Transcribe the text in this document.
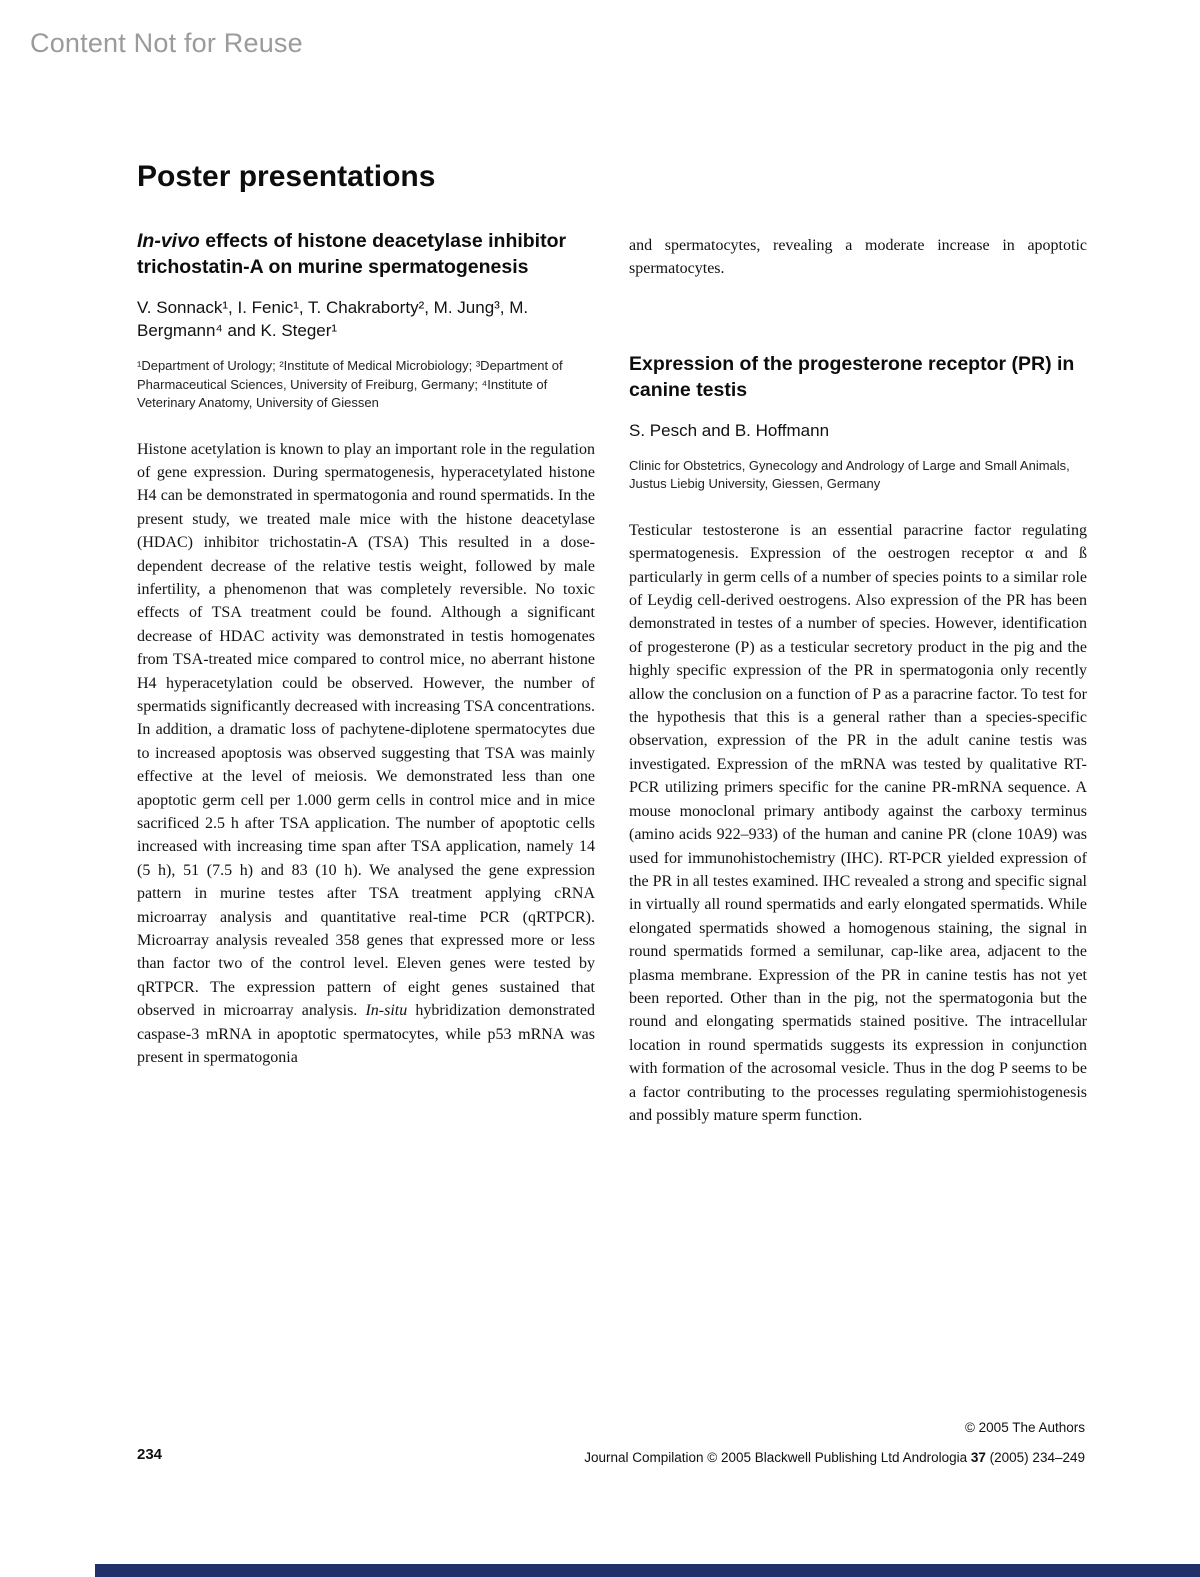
Content Not for Reuse
Poster presentations
In-vivo effects of histone deacetylase inhibitor trichostatin-A on murine spermatogenesis
V. Sonnack¹, I. Fenic¹, T. Chakraborty², M. Jung³, M. Bergmann⁴ and K. Steger¹
¹Department of Urology; ²Institute of Medical Microbiology; ³Department of Pharmaceutical Sciences, University of Freiburg, Germany; ⁴Institute of Veterinary Anatomy, University of Giessen
Histone acetylation is known to play an important role in the regulation of gene expression. During spermatogenesis, hyperacetylated histone H4 can be demonstrated in spermatogonia and round spermatids. In the present study, we treated male mice with the histone deacetylase (HDAC) inhibitor trichostatin-A (TSA) This resulted in a dose-dependent decrease of the relative testis weight, followed by male infertility, a phenomenon that was completely reversible. No toxic effects of TSA treatment could be found. Although a significant decrease of HDAC activity was demonstrated in testis homogenates from TSA-treated mice compared to control mice, no aberrant histone H4 hyperacetylation could be observed. However, the number of spermatids significantly decreased with increasing TSA concentrations. In addition, a dramatic loss of pachytene-diplotene spermatocytes due to increased apoptosis was observed suggesting that TSA was mainly effective at the level of meiosis. We demonstrated less than one apoptotic germ cell per 1.000 germ cells in control mice and in mice sacrificed 2.5 h after TSA application. The number of apoptotic cells increased with increasing time span after TSA application, namely 14 (5 h), 51 (7.5 h) and 83 (10 h). We analysed the gene expression pattern in murine testes after TSA treatment applying cRNA microarray analysis and quantitative real-time PCR (qRTPCR). Microarray analysis revealed 358 genes that expressed more or less than factor two of the control level. Eleven genes were tested by qRTPCR. The expression pattern of eight genes sustained that observed in microarray analysis. In-situ hybridization demonstrated caspase-3 mRNA in apoptotic spermatocytes, while p53 mRNA was present in spermatogonia
and spermatocytes, revealing a moderate increase in apoptotic spermatocytes.
Expression of the progesterone receptor (PR) in canine testis
S. Pesch and B. Hoffmann
Clinic for Obstetrics, Gynecology and Andrology of Large and Small Animals, Justus Liebig University, Giessen, Germany
Testicular testosterone is an essential paracrine factor regulating spermatogenesis. Expression of the oestrogen receptor α and ß particularly in germ cells of a number of species points to a similar role of Leydig cell-derived oestrogens. Also expression of the PR has been demonstrated in testes of a number of species. However, identification of progesterone (P) as a testicular secretory product in the pig and the highly specific expression of the PR in spermatogonia only recently allow the conclusion on a function of P as a paracrine factor. To test for the hypothesis that this is a general rather than a species-specific observation, expression of the PR in the adult canine testis was investigated. Expression of the mRNA was tested by qualitative RT-PCR utilizing primers specific for the canine PR-mRNA sequence. A mouse monoclonal primary antibody against the carboxy terminus (amino acids 922–933) of the human and canine PR (clone 10A9) was used for immunohistochemistry (IHC). RT-PCR yielded expression of the PR in all testes examined. IHC revealed a strong and specific signal in virtually all round spermatids and early elongated spermatids. While elongated spermatids showed a homogenous staining, the signal in round spermatids formed a semilunar, cap-like area, adjacent to the plasma membrane. Expression of the PR in canine testis has not yet been reported. Other than in the pig, not the spermatogonia but the round and elongating spermatids stained positive. The intracellular location in round spermatids suggests its expression in conjunction with formation of the acrosomal vesicle. Thus in the dog P seems to be a factor contributing to the processes regulating spermiohistogenesis and possibly mature sperm function.
234
© 2005 The Authors
Journal Compilation © 2005 Blackwell Publishing Ltd Andrologia 37 (2005) 234–249
